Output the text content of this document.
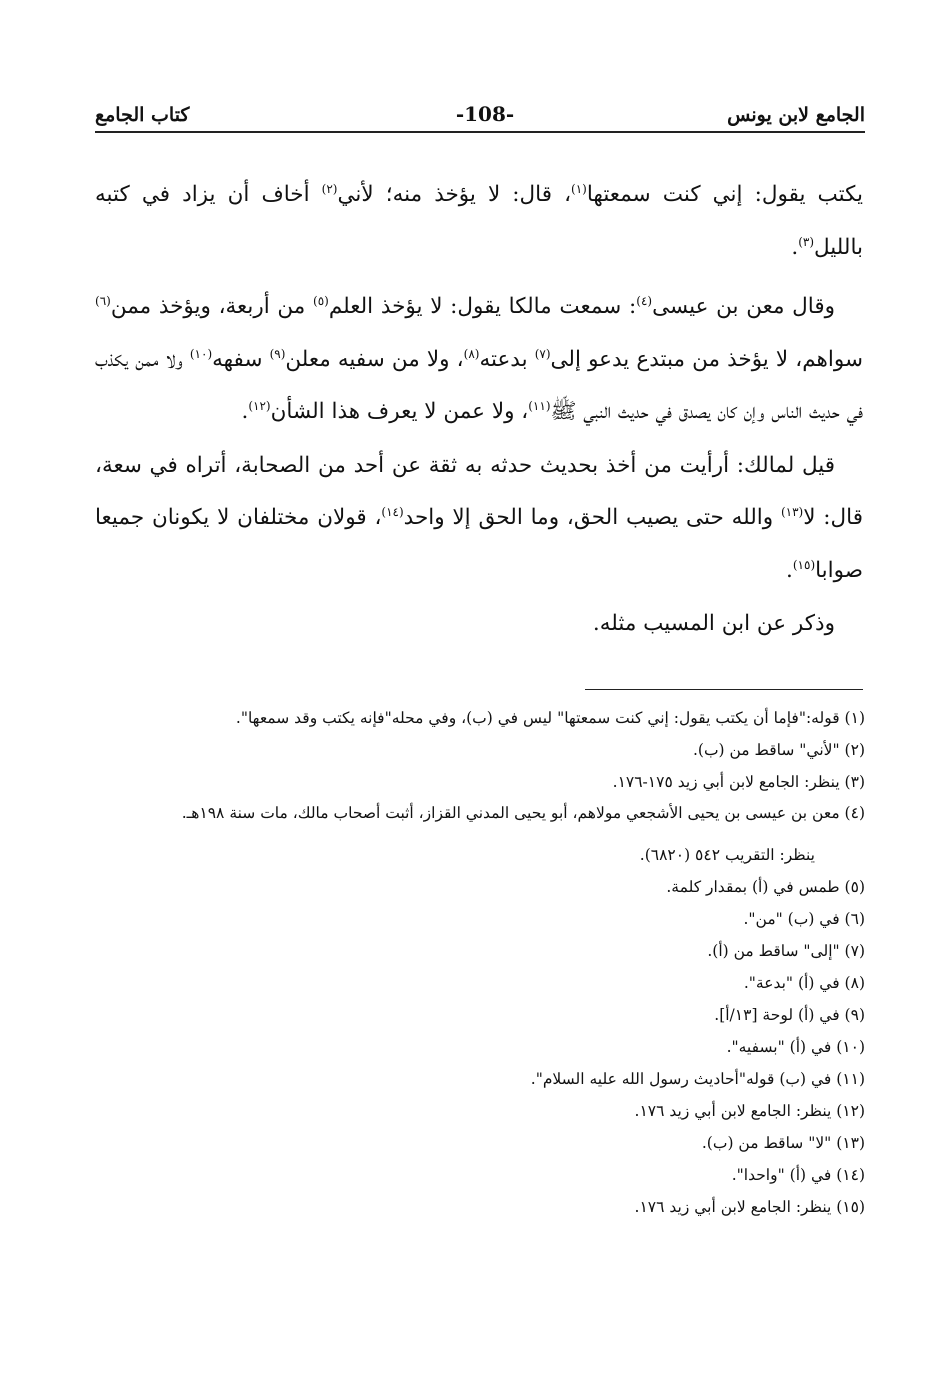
الجامع لابن يونس
-108-
كتاب الجامع

يكتب يقول: إني كنت سمعتها$^{(١)}$، قال: لا يؤخذ منه؛ لأني$^{(٢)}$ أخاف أن يزاد في كتبه بالليل$^{(٣)}$.

وقال معن بن عيسى$^{(٤)}$: سمعت مالكا يقول: لا يؤخذ العلم$^{(٥)}$ من أربعة، ويؤخذ ممن$^{(٦)}$ سواهم، لا يؤخذ من مبتدع يدعو إلى$^{(٧)}$ بدعته$^{(٨)}$، ولا من سفيه معلن$^{(٩)}$ سفهه$^{(١٠)}$ ولا ممن يكذب في حديث الناس وإن كان يصدق في حديث النبي ﷺ$^{(١١)}$، ولا عمن لا يعرف هذا الشأن$^{(١٢)}$.

قيل لمالك: أرأيت من أخذ بحديث حدثه به ثقة عن أحد من الصحابة، أتراه في سعة، قال: لا$^{(١٣)}$ والله حتى يصيب الحق، وما الحق إلا واحد$^{(١٤)}$، قولان مختلفان لا يكونان جميعا صوابا$^{(١٥)}$.

وذكر عن ابن المسيب مثله.

(١) قوله:"فإما أن يكتب يقول: إني كنت سمعتها" ليس في (ب)، وفي محله"فإنه يكتب وقد سمعها".

(٢) "لأني" ساقط من (ب).

(٣) ينظر: الجامع لابن أبي زيد ١٧٥-١٧٦.

(٤) معن بن عيسى بن يحيى الأشجعي مولاهم، أبو يحيى المدني القزاز، أثبت أصحاب مالك، مات سنة ١٩٨هـ.

ينظر: التقريب ٥٤٢ (٦٨٢٠).

(٥) طمس في (أ) بمقدار كلمة.

(٦) في (ب) "من".

(٧) "إلى" ساقط من (أ).

(٨) في (أ) "بدعة".

(٩) في (أ) لوحة [١٣/أ].

(١٠) في (أ) "بسفيه".

(١١) في (ب) قوله"أحاديث رسول الله عليه السلام".

(١٢) ينظر: الجامع لابن أبي زيد ١٧٦.

(١٣) "لا" ساقط من (ب).

(١٤) في (أ) "واحدا".

(١٥) ينظر: الجامع لابن أبي زيد ١٧٦.
